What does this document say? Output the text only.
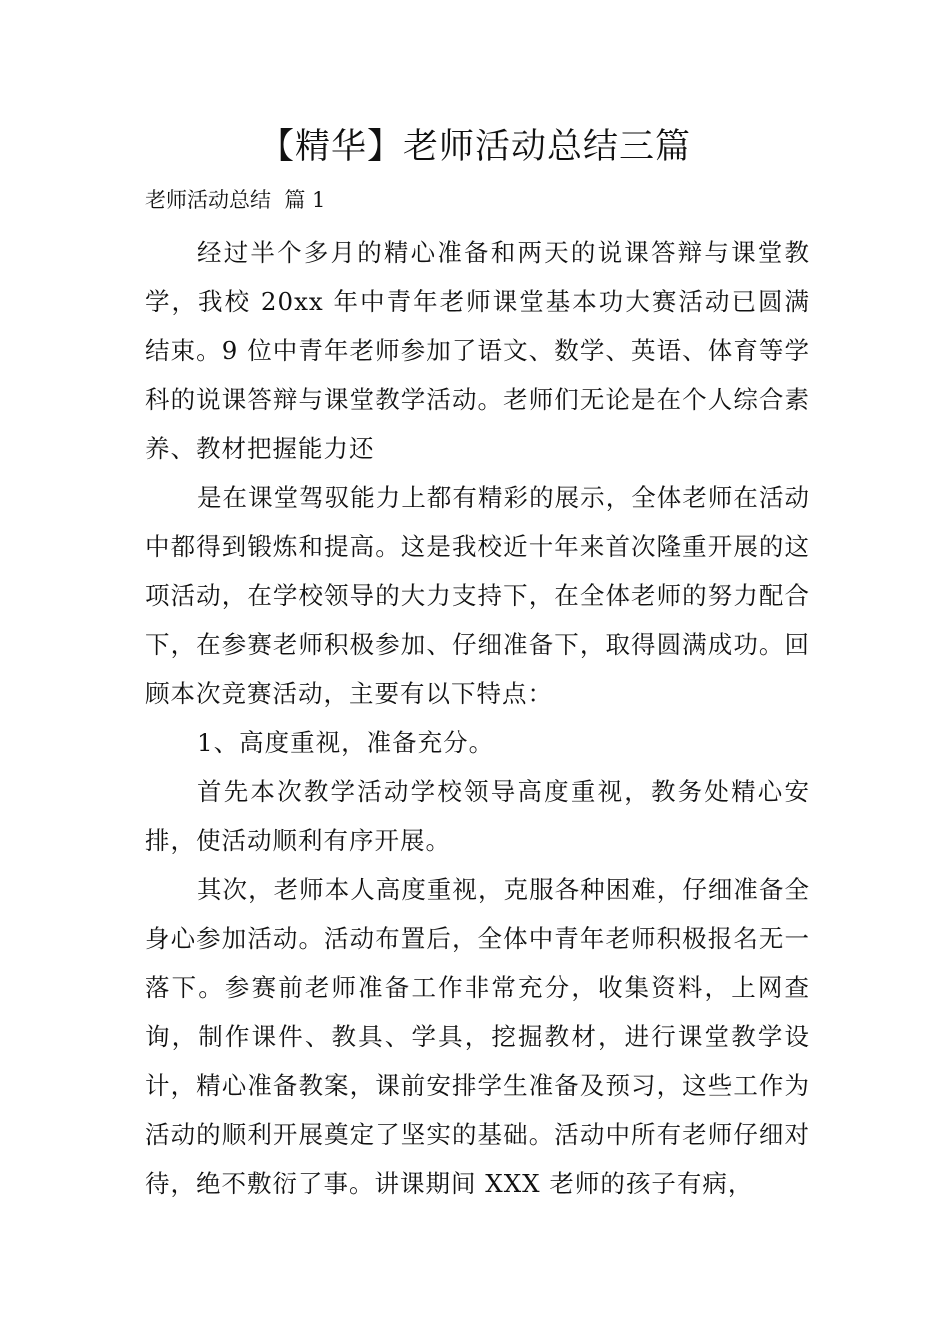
【精华】老师活动总结三篇
老师活动总结  篇 1

经过半个多月的精心准备和两天的说课答辩与课堂教学，我校 20xx 年中青年老师课堂基本功大赛活动已圆满结束。9 位中青年老师参加了语文、数学、英语、体育等学科的说课答辩与课堂教学活动。老师们无论是在个人综合素养、教材把握能力还

是在课堂驾驭能力上都有精彩的展示，全体老师在活动中都得到锻炼和提高。这是我校近十年来首次隆重开展的这项活动，在学校领导的大力支持下，在全体老师的努力配合下，在参赛老师积极参加、仔细准备下，取得圆满成功。回顾本次竞赛活动，主要有以下特点：

1、高度重视，准备充分。

首先本次教学活动学校领导高度重视，教务处精心安排，使活动顺利有序开展。

其次，老师本人高度重视，克服各种困难，仔细准备全身心参加活动。活动布置后，全体中青年老师积极报名无一落下。参赛前老师准备工作非常充分，收集资料，上网查询，制作课件、教具、学具，挖掘教材，进行课堂教学设计，精心准备教案，课前安排学生准备及预习，这些工作为活动的顺利开展奠定了坚实的基础。活动中所有老师仔细对待，绝不敷衍了事。讲课期间 XXX 老师的孩子有病，
